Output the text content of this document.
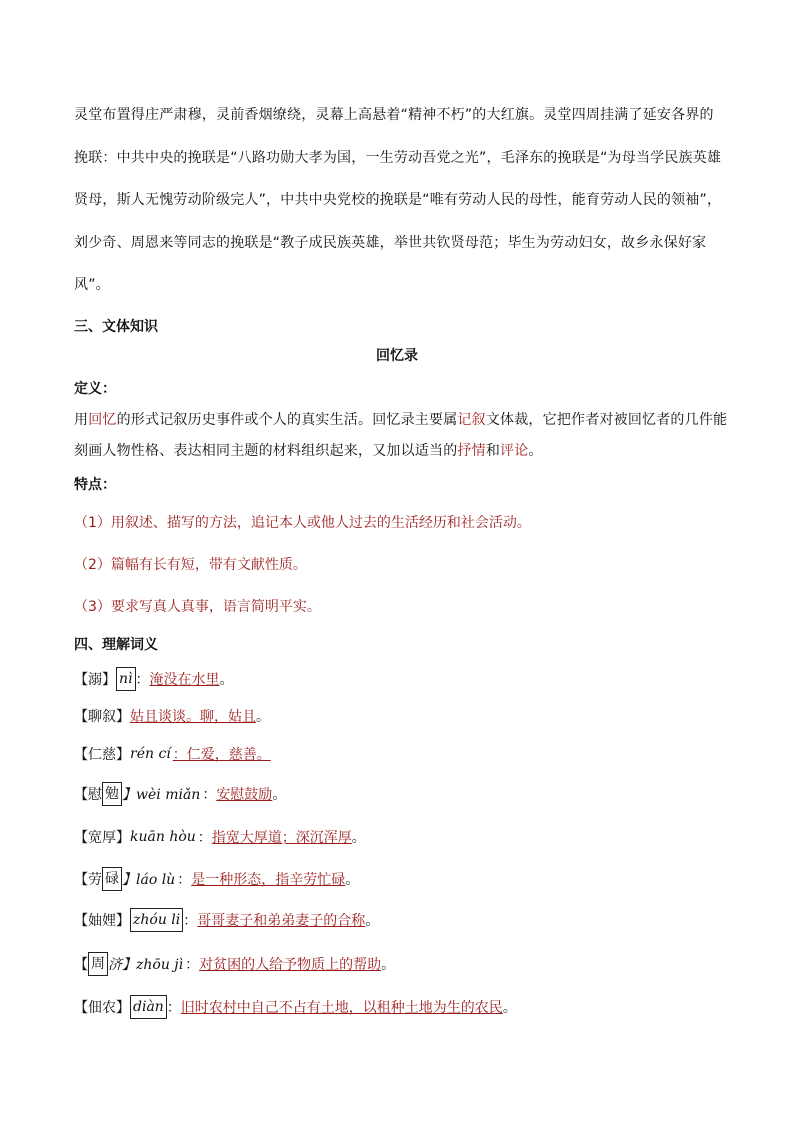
灵堂布置得庄严肃穆，灵前香烟缭绕，灵幕上高悬着“精神不朽”的大红旗。灵堂四周挂满了延安各界的挽联：中共中央的挽联是“八路功勋大孝为国，一生劳动吾党之光”，毛泽东的挽联是“为母当学民族英雄贤母，斯人无愧劳动阶级完人”，中共中央党校的挽联是“唯有劳动人民的母性，能育劳动人民的领袖”，刘少奇、周恩来等同志的挽联是“教子成民族英雄，举世共钦贤母范；毕生为劳动妇女，故乡永保好家风”。

三、文体知识
回忆录
定义：

用回忆的形式记叙历史事件或个人的真实生活。回忆录主要属记叙文体裁，它把作者对被回忆者的几件能刻画人物性格、表达相同主题的材料组织起来，又加以适当的抒情和评论。

特点：

（1）用叙述、描写的方法，追记本人或他人过去的生活经历和社会活动。

（2）篇幅有长有短，带有文献性质。

（3）要求写真人真事，语言简明平实。

四、理解词义
【溺】 nì ： 淹没在水里 。
【聊叙】 姑且谈谈。聊，姑且 。
【仁慈】 rén cí ：仁爱，慈善。
【慰 勉 】wèi miǎn ： 安慰鼓励 。
【宽厚】 kuān hòu ： 指宽大厚道；深沉浑厚 。
【劳 碌 】láo lù ： 是一种形态，指辛劳忙碌 。
【妯娌】 zhóu li ： 哥哥妻子和弟弟妻子的合称 。
【 周 济】zhōu jì ： 对贫困的人给予物质上的帮助 。
【佃农】 diàn ： 旧时农村中自己不占有土地，以租种土地为生的农民 。
